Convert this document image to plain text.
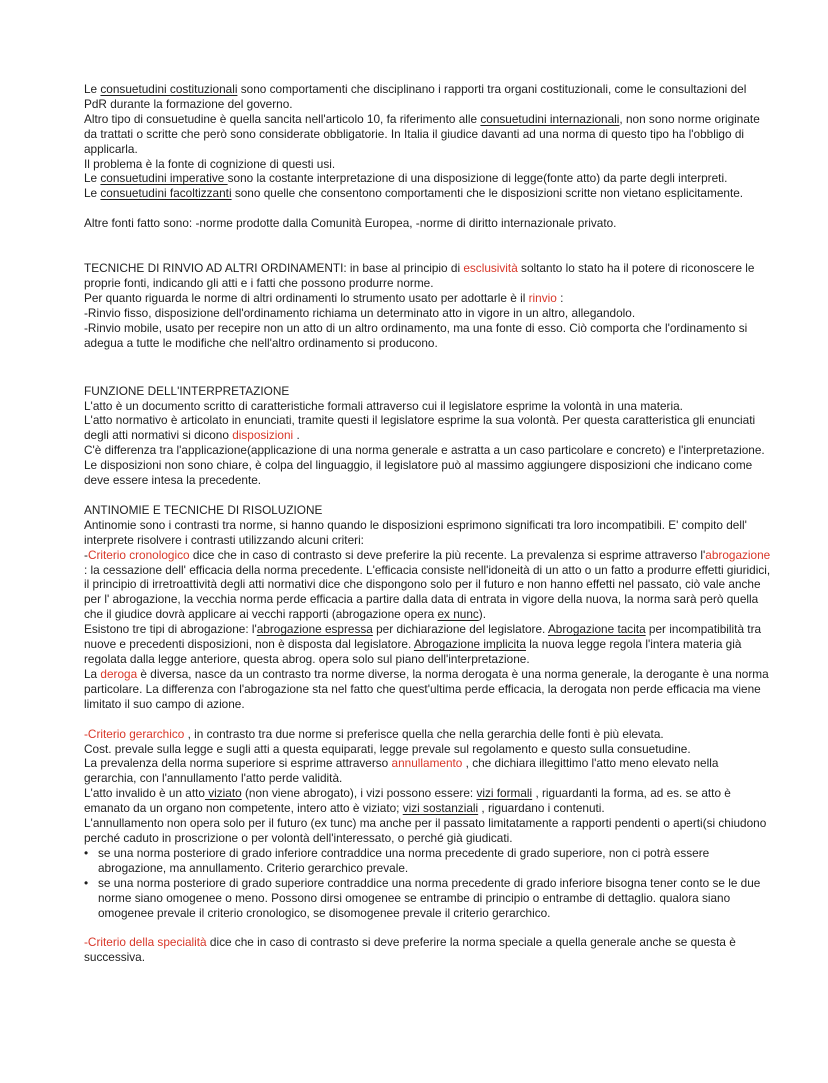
Le consuetudini costituzionali sono comportamenti che disciplinano i rapporti tra organi costituzionali, come le consultazioni del PdR durante la formazione del governo.

Altro tipo di consuetudine è quella sancita nell'articolo 10, fa riferimento alle consuetudini internazionali, non sono norme originate da trattati o scritte che però sono considerate obbligatorie. In Italia il giudice davanti ad una norma di questo tipo ha l'obbligo di applicarla.

Il problema è la fonte di cognizione di questi usi.

Le consuetudini imperative sono la costante interpretazione di una disposizione di legge(fonte atto) da parte degli interpreti.

Le consuetudini facoltizzanti sono quelle che consentono comportamenti che le disposizioni scritte non vietano esplicitamente.

Altre fonti fatto sono: -norme prodotte dalla Comunità Europea, -norme di diritto internazionale privato.

TECNICHE DI RINVIO AD ALTRI ORDINAMENTI: in base al principio di esclusività soltanto lo stato ha il potere di riconoscere le proprie fonti, indicando gli atti e i fatti che possono produrre norme.

Per quanto riguarda le norme di altri ordinamenti lo strumento usato per adottarle è il rinvio :

-Rinvio fisso, disposizione dell'ordinamento richiama un determinato atto in vigore in un altro, allegandolo.

-Rinvio mobile, usato per recepire non un atto di un altro ordinamento, ma una fonte di esso. Ciò comporta che l'ordinamento si adegua a tutte le modifiche che nell'altro ordinamento si producono.

FUNZIONE DELL'INTERPRETAZIONE

L'atto è un documento scritto di caratteristiche formali attraverso cui il legislatore esprime la volontà in una materia.

L'atto normativo è articolato in enunciati, tramite questi il legislatore esprime la sua volontà. Per questa caratteristica gli enunciati degli atti normativi si dicono disposizioni .

C'è differenza tra l'applicazione(applicazione di una norma generale e astratta a un caso particolare e concreto) e l'interpretazione. Le disposizioni non sono chiare, è colpa del linguaggio, il legislatore può al massimo aggiungere disposizioni che indicano come deve essere intesa la precedente.

ANTINOMIE E TECNICHE DI RISOLUZIONE

Antinomie sono i contrasti tra norme, si hanno quando le disposizioni esprimono significati tra loro incompatibili. E' compito dell' interprete risolvere i contrasti utilizzando alcuni criteri:

-Criterio cronologico dice che in caso di contrasto si deve preferire la più recente. La prevalenza si esprime attraverso l'abrogazione : la cessazione dell' efficacia della norma precedente. L'efficacia consiste nell'idoneità di un atto o un fatto a produrre effetti giuridici, il principio di irretroattività degli atti normativi dice che dispongono solo per il futuro e non hanno effetti nel passato, ciò vale anche per l' abrogazione, la vecchia norma perde efficacia a partire dalla data di entrata in vigore della nuova, la norma sarà però quella che il giudice dovrà applicare ai vecchi rapporti (abrogazione opera ex nunc).

Esistono tre tipi di abrogazione: l'abrogazione espressa per dichiarazione del legislatore. Abrogazione tacita per incompatibilità tra nuove e precedenti disposizioni, non è disposta dal legislatore. Abrogazione implicita la nuova legge regola l'intera materia già regolata dalla legge anteriore, questa abrog. opera solo sul piano dell'interpretazione.

La deroga è diversa, nasce da un contrasto tra norme diverse, la norma derogata è una norma generale, la derogante è una norma particolare. La differenza con l'abrogazione sta nel fatto che quest'ultima perde efficacia, la derogata non perde efficacia ma viene limitato il suo campo di azione.

-Criterio gerarchico , in contrasto tra due norme si preferisce quella che nella gerarchia delle fonti è più elevata.

Cost. prevale sulla legge e sugli atti a questa equiparati, legge prevale sul regolamento e questo sulla consuetudine.

La prevalenza della norma superiore si esprime attraverso annullamento , che dichiara illegittimo l'atto meno elevato nella gerarchia, con l'annullamento l'atto perde validità.

L'atto invalido è un atto viziato (non viene abrogato), i vizi possono essere: vizi formali , riguardanti la forma, ad es. se atto è emanato da un organo non competente, intero atto è viziato; vizi sostanziali , riguardano i contenuti.

L'annullamento non opera solo per il futuro (ex tunc) ma anche per il passato limitatamente a rapporti pendenti o aperti(si chiudono perché caduto in proscrizione o per volontà dell'interessato, o perché già giudicati.

• se una norma posteriore di grado inferiore contraddice una norma precedente di grado superiore, non ci potrà essere abrogazione, ma annullamento. Criterio gerarchico prevale.
• se una norma posteriore di grado superiore contraddice una norma precedente di grado inferiore bisogna tener conto se le due norme siano omogenee o meno. Possono dirsi omogenee se entrambe di principio o entrambe di dettaglio. qualora siano omogenee prevale il criterio cronologico, se disomogenee prevale il criterio gerarchico.

-Criterio della specialità dice che in caso di contrasto si deve preferire la norma speciale a quella generale anche se questa è successiva.
